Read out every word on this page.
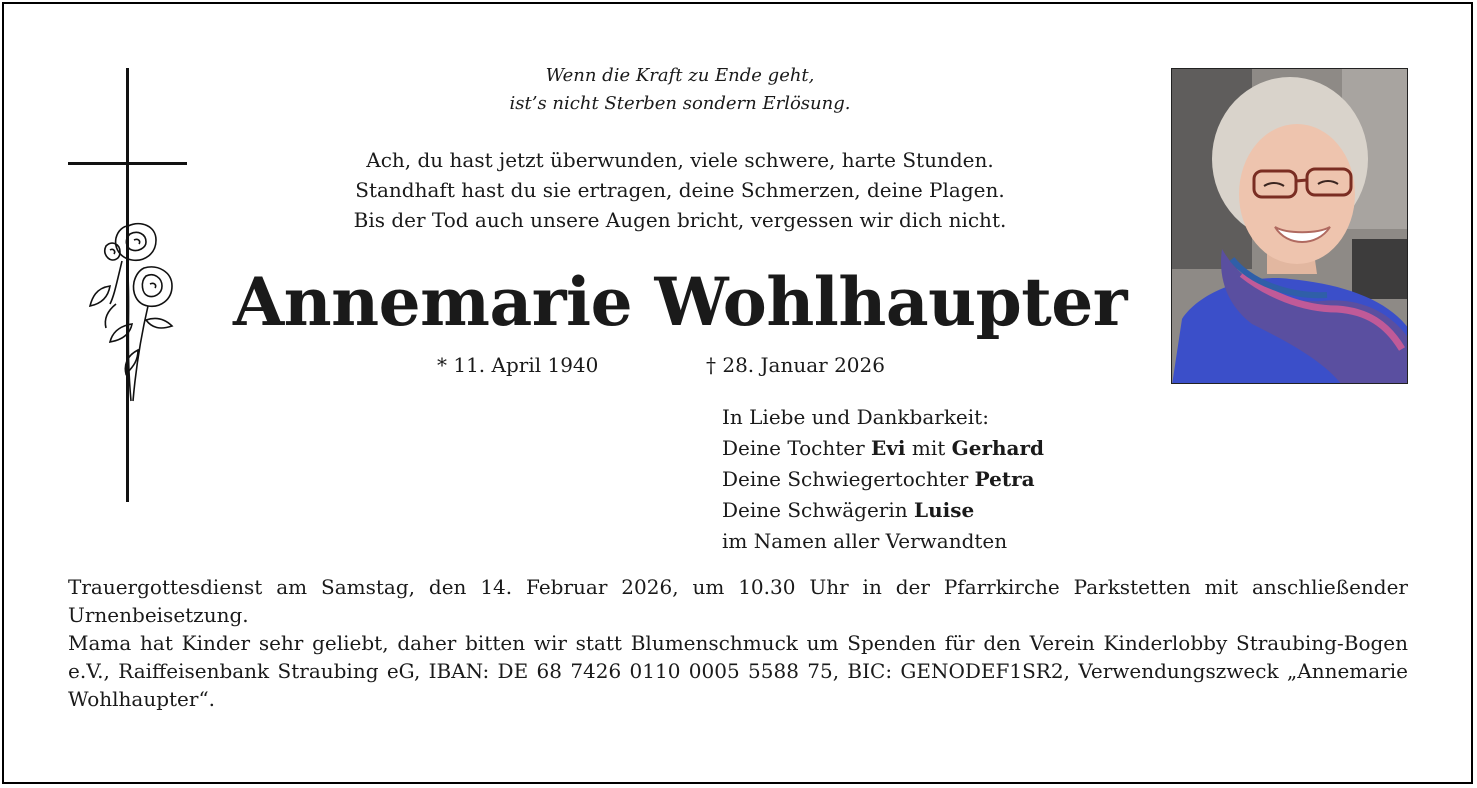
Wenn die Kraft zu Ende geht,
ist’s nicht Sterben sondern Erlösung.
Ach, du hast jetzt überwunden, viele schwere, harte Stunden.
Standhaft hast du sie ertragen, deine Schmerzen, deine Plagen.
Bis der Tod auch unsere Augen bricht, vergessen wir dich nicht.
Annemarie Wohlhaupter
* 11. April 1940	† 28. Januar 2026
In Liebe und Dankbarkeit:
Deine Tochter Evi mit Gerhard
Deine Schwiegertochter Petra
Deine Schwägerin Luise
im Namen aller Verwandten

Trauergottesdienst am Samstag, den 14. Februar 2026, um 10.30 Uhr in der Pfarrkirche Parkstetten mit anschließender Urnenbeisetzung.

Mama hat Kinder sehr geliebt, daher bitten wir statt Blumenschmuck um Spenden für den Verein Kinderlobby Straubing-Bogen e.V., Raiffeisenbank Straubing eG, IBAN: DE 68 7426 0110 0005 5588 75, BIC: GENODEF1SR2, Verwendungszweck „Annemarie Wohlhaupter“.
